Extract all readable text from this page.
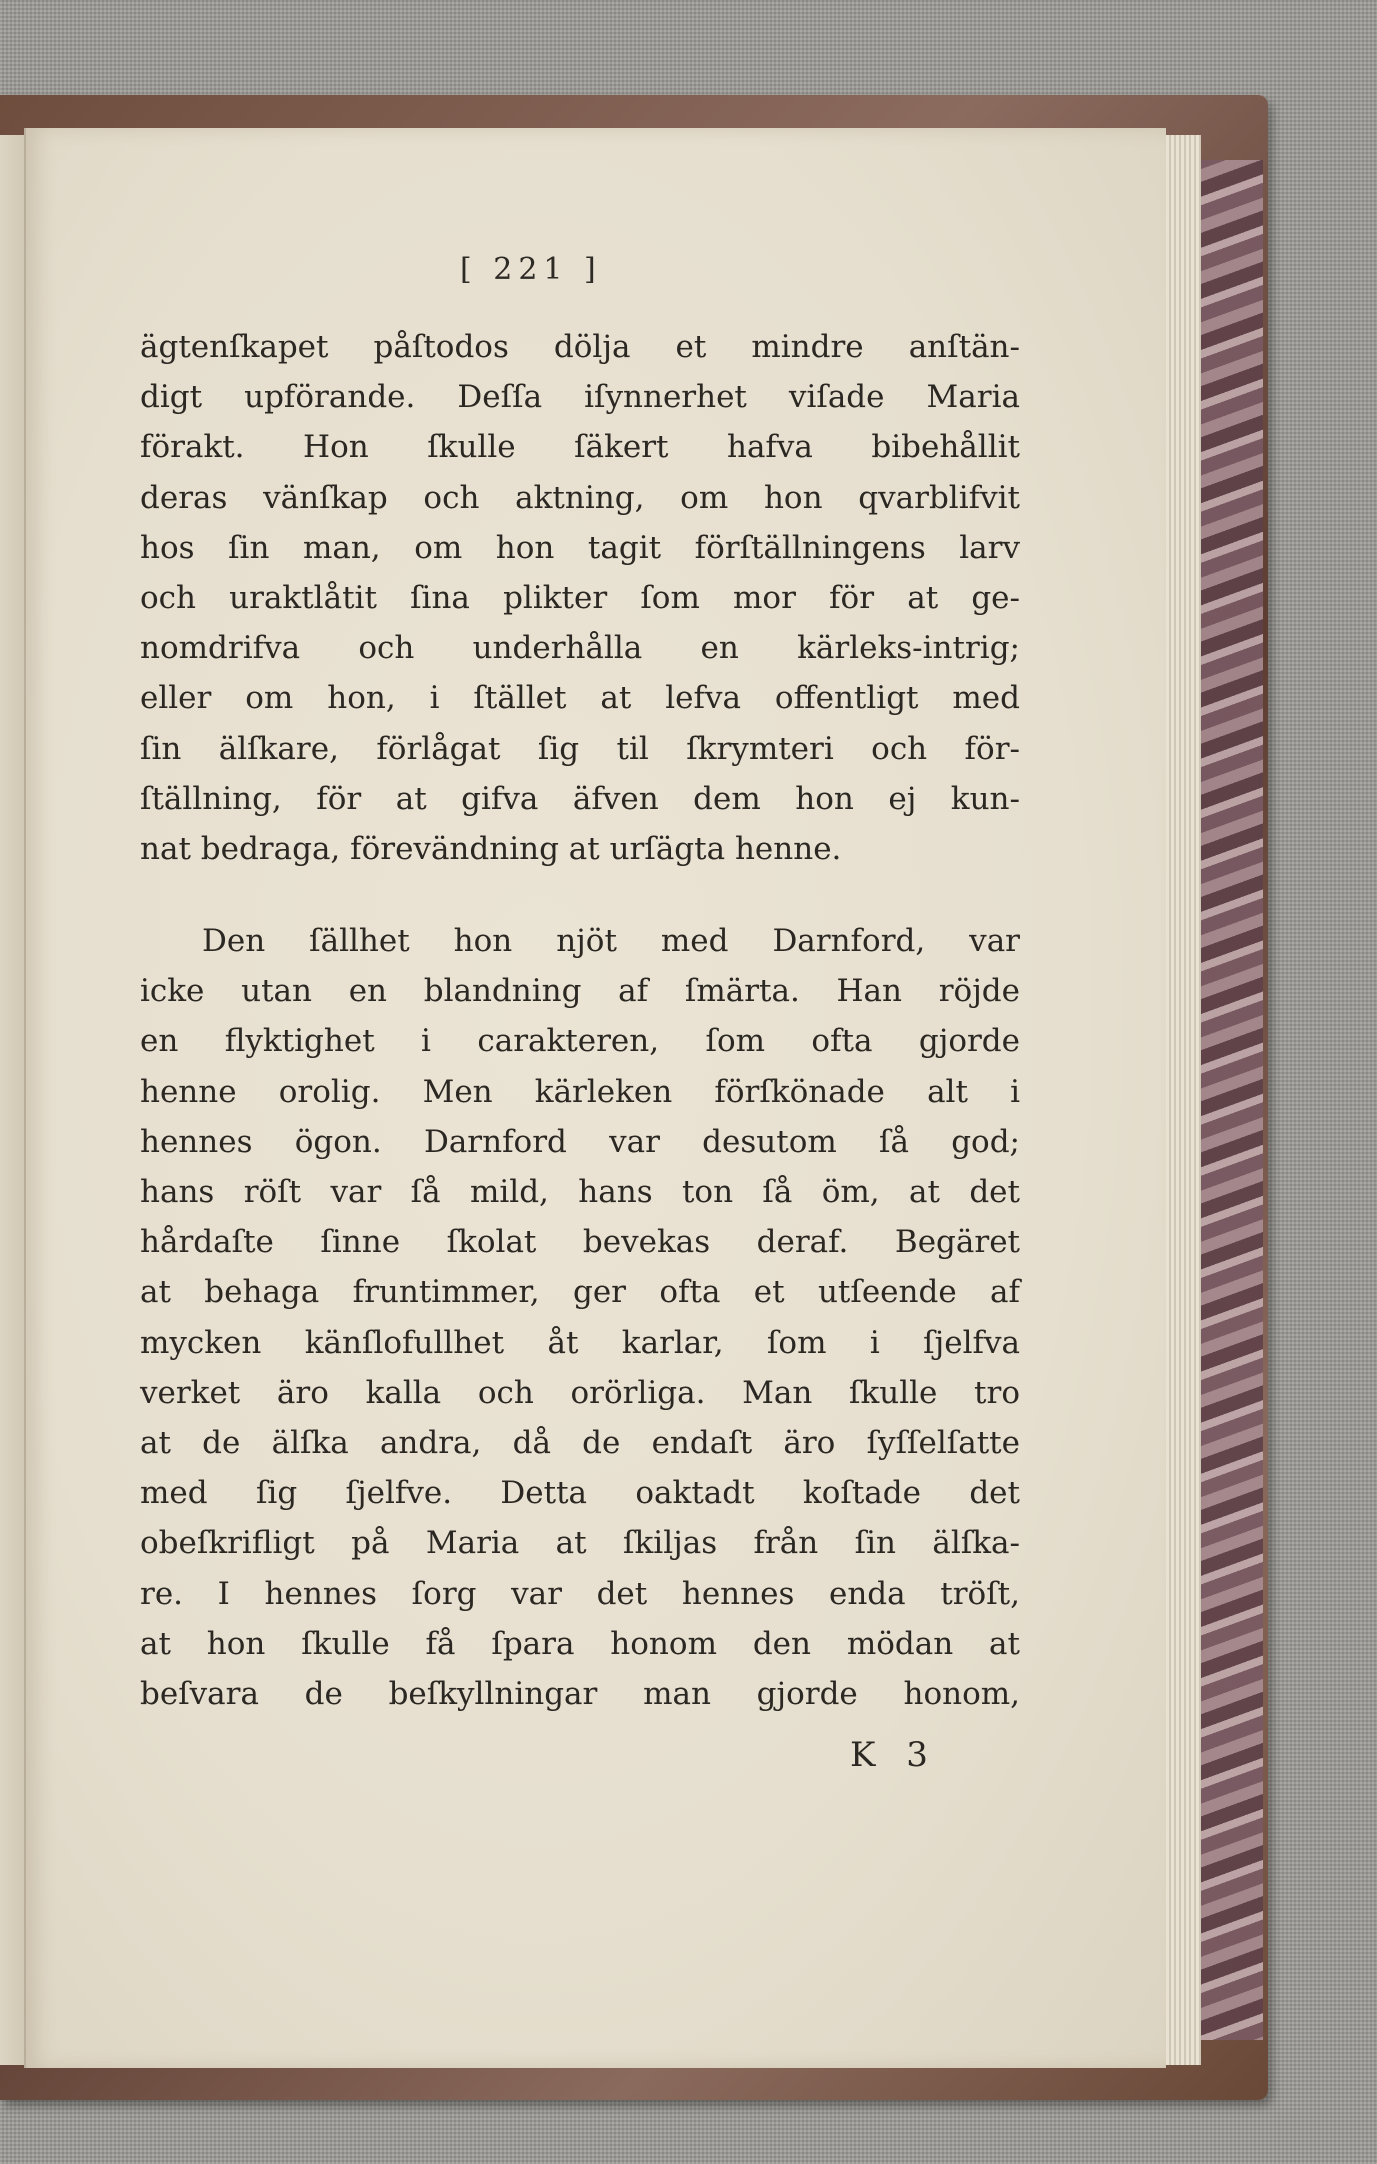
[ 221 ]
ägtenſkapet påſtodos dölja et mindre anſtän-
digt upförande. Deſſa iſynnerhet viſade Maria
förakt. Hon ſkulle ſäkert hafva bibehållit
deras vänſkap och aktning, om hon qvarblifvit
hos ſin man, om hon tagit förſtällningens larv
och uraktlåtit ſina plikter ſom mor för at ge-
nomdrifva och underhålla en kärleks-intrig;
eller om hon, i ſtället at lefva offentligt med
ſin älſkare, förlågat ſig til ſkrymteri och för-
ſtällning, för at gifva äfven dem hon ej kun-
nat bedraga, förevändning at urſägta henne.
Den ſällhet hon njöt med Darnford, var
icke utan en blandning af ſmärta. Han röjde
en flyktighet i carakteren, ſom ofta gjorde
henne orolig. Men kärleken förſkönade alt i
hennes ögon. Darnford var desutom ſå god;
hans röſt var ſå mild, hans ton ſå öm, at det
hårdaſte ſinne ſkolat bevekas deraf. Begäret
at behaga fruntimmer, ger ofta et utſeende af
mycken känſlofullhet åt karlar, ſom i ſjelfva
verket äro kalla och orörliga. Man ſkulle tro
at de älſka andra, då de endaſt äro ſyſſelſatte
med ſig ſjelfve. Detta oaktadt koſtade det
obeſkrifligt på Maria at ſkiljas från ſin älſka-
re. I hennes ſorg var det hennes enda tröſt,
at hon ſkulle få ſpara honom den mödan at
beſvara de beſkyllningar man gjorde honom,
K 3
